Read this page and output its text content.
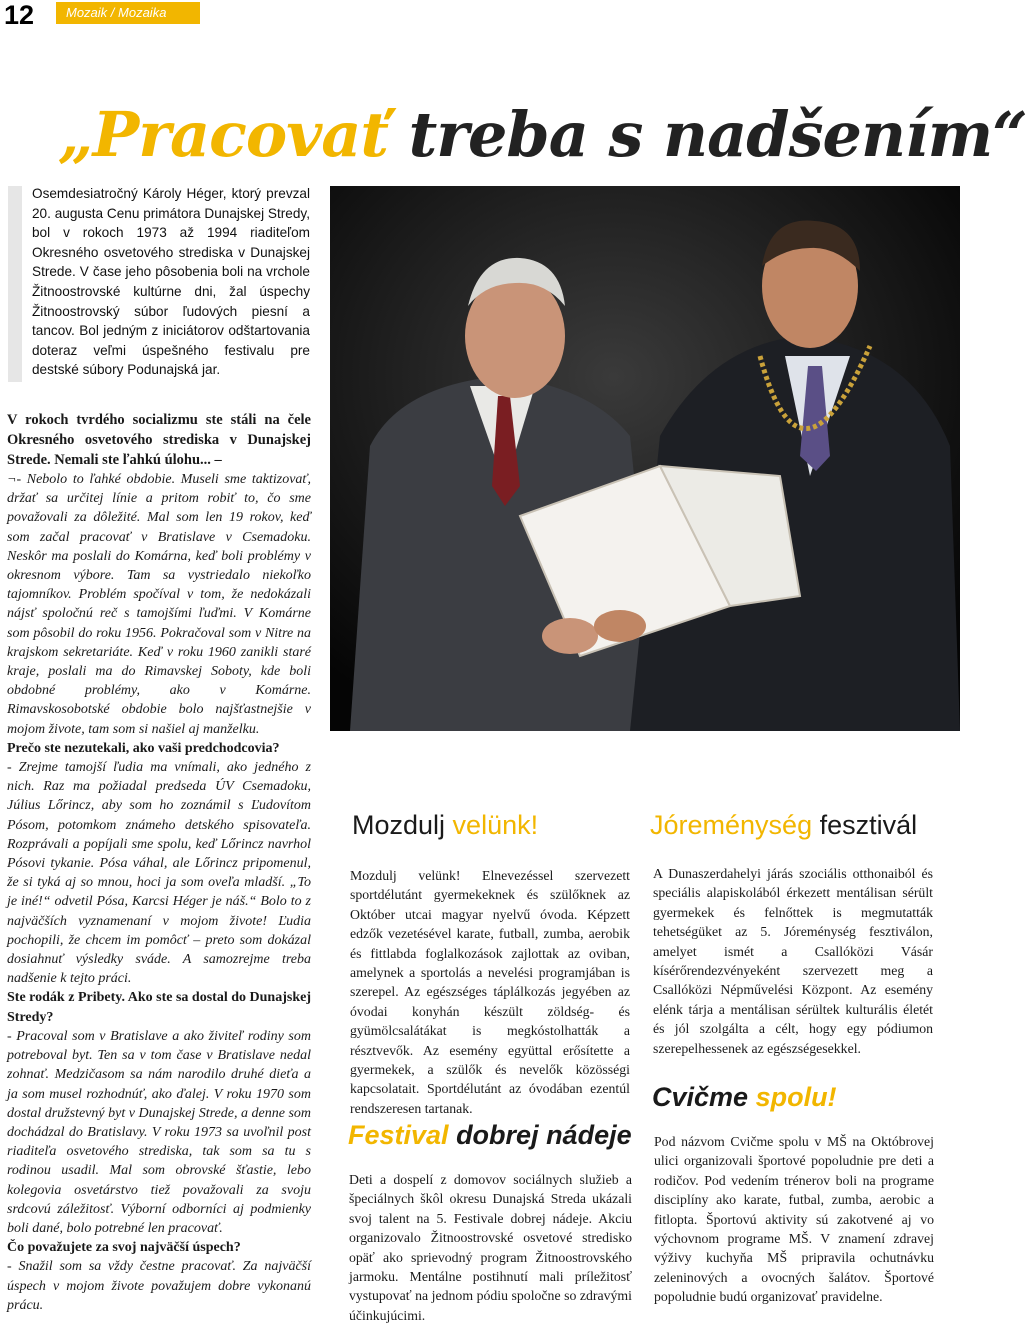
12	Mozaik / Mozaika
„Pracovať treba s nadšením“
Osemdesiatročný Károly Héger, ktorý prevzal 20. augusta Cenu primátora Dunajskej Stredy, bol v rokoch 1973 až 1994 riaditeľom Okresného osvetového strediska v Dunajskej Strede. V čase jeho pôsobenia boli na vrchole Žitnoostrovské kultúrne dni, žal úspechy Žitnoostrovský súbor ľudových piesní a tancov. Bol jedným z iniciátorov odštartovania doteraz veľmi úspešného festivalu pre destské súbory Podunajská jar.

V rokoch tvrdého socializmu ste stáli na čele Okresného osvetového strediska v Dunajskej Strede. Nemali ste ľahkú úlohu... –

¬- Nebolo to ľahké obdobie. Museli sme taktizovať, držať sa určitej línie a pritom robiť to, čo sme považovali za dôležité. Mal som len 19 rokov, keď som začal pracovať v Bratislave v Csemadoku. Neskôr ma poslali do Komárna, keď boli problémy v okresnom výbore. Tam sa vystriedalo niekoľko tajomníkov. Problém spočíval v tom, že nedokázali nájsť spoločnú reč s tamojšími ľuďmi. V Komárne som pôsobil do roku 1956. Pokračoval som v Nitre na krajskom sekretariáte. Keď v roku 1960 zanikli staré kraje, poslali ma do Rimavskej Soboty, kde boli obdobné problémy, ako v Komárne. Rimavskosobotské obdobie bolo najšťastnejšie v mojom živote, tam som si našiel aj manželku.

Prečo ste nezutekali, ako vaši predchodcovia?

- Zrejme tamojší ľudia ma vnímali, ako jedného z nich. Raz ma požiadal predseda ÚV Csemadoku, Július Lőrincz, aby som ho zoznámil s Ľudovítom Pósom, potomkom známeho detského spisovateľa. Rozprávali a popíjali sme spolu, keď Lőrincz navrhol Pósovi tykanie. Pósa váhal, ale Lőrincz pripomenul, že si tyká aj so mnou, hoci ja som oveľa mladší. „To je iné!“ odvetil Pósa, Karcsi Héger je náš.“ Bolo to z najväčších vyznamenaní v mojom živote! Ľudia pochopili, že chcem im pomôcť – preto som dokázal dosiahnuť výsledky sváde. A samozrejme treba nadšenie k tejto práci.

Ste rodák z Pribety. Ako ste sa dostal do Dunajskej Stredy?

- Pracoval som v Bratislave a ako živiteľ rodiny som potreboval byt. Ten sa v tom čase v Bratislave nedal zohnať. Medzičasom sa nám narodilo druhé dieťa a ja som musel rozhodnúť, ako ďalej. V roku 1970 som dostal družstevný byt v Dunajskej Strede, a denne som dochádzal do Bratislavy. V roku 1973 sa uvoľnil post riaditeľa osvetového strediska, tak som sa tu s rodinou usadil. Mal som obrovské šťastie, lebo kolegovia osvetárstvo tiež považovali za svoju srdcovú záležitosť. Výborní odborníci aj podmienky boli dané, bolo potrebné len pracovať.

Čo považujete za svoj najväčší úspech?

- Snažil som sa vždy čestne pracovať. Za najväčší úspech v mojom živote považujem dobre vykonanú prácu.

Mozdulj velünk!
Mozdulj velünk! Elnevezéssel szervezett sportdélutánt gyermekeknek és szülőknek az Október utcai magyar nyelvű óvoda. Képzett edzők vezetésével karate, futball, zumba, aerobik és fittlabda foglalkozások zajlottak az oviban, amelynek a sportolás a nevelési programjában is szerepel. Az egészséges táplálkozás jegyében az óvodai konyhán készült zöldség- és gyümölcsalátákat is megkóstolhatták a résztvevők. Az esemény együttal erősítette a gyermekek, a szülők és nevelők közösségi kapcsolatait. Sportdélutánt az óvodában ezentúl rendszeresen tartanak.
Jóreménység fesztivál
A Dunaszerdahelyi járás szociális otthonaiból és speciális alapiskolából érkezett mentálisan sérült gyermekek és felnőttek is megmutatták tehetségüket az 5. Jóreménység fesztiválon, amelyet ismét a Csallóközi Vásár kísérőrendezvényeként szervezett meg a Csallóközi Népművelési Központ. Az esemény elénk tárja a mentálisan sérültek kulturális életét és jól szolgálta a célt, hogy egy pódiumon szerepelhessenek az egészségesekkel.
Festival dobrej nádeje
Deti a dospelí z domovov sociálnych služieb a špeciálnych škôl okresu Dunajská Streda ukázali svoj talent na 5. Festivale dobrej nádeje. Akciu organizovalo Žitnoostrovské osvetové stredisko opäť ako sprievodný program Žitnoostrovského jarmoku. Mentálne postihnutí mali príležitosť vystupovať na jednom pódiu spoločne so zdravými účinkujúcimi.
Cvičme spolu!
Pod názvom Cvičme spolu v MŠ na Októbrovej ulici organizovali športové popoludnie pre deti a rodičov. Pod vedením trénerov boli na programe disciplíny ako karate, futbal, zumba, aerobic a fitlopta. Športovú aktivity sú zakotvené aj vo výchovnom programe MŠ. V znamení zdravej výživy kuchyňa MŠ pripravila ochutnávku zeleninových a ovocných šalátov. Športové popoludnie budú organizovať pravidelne.
